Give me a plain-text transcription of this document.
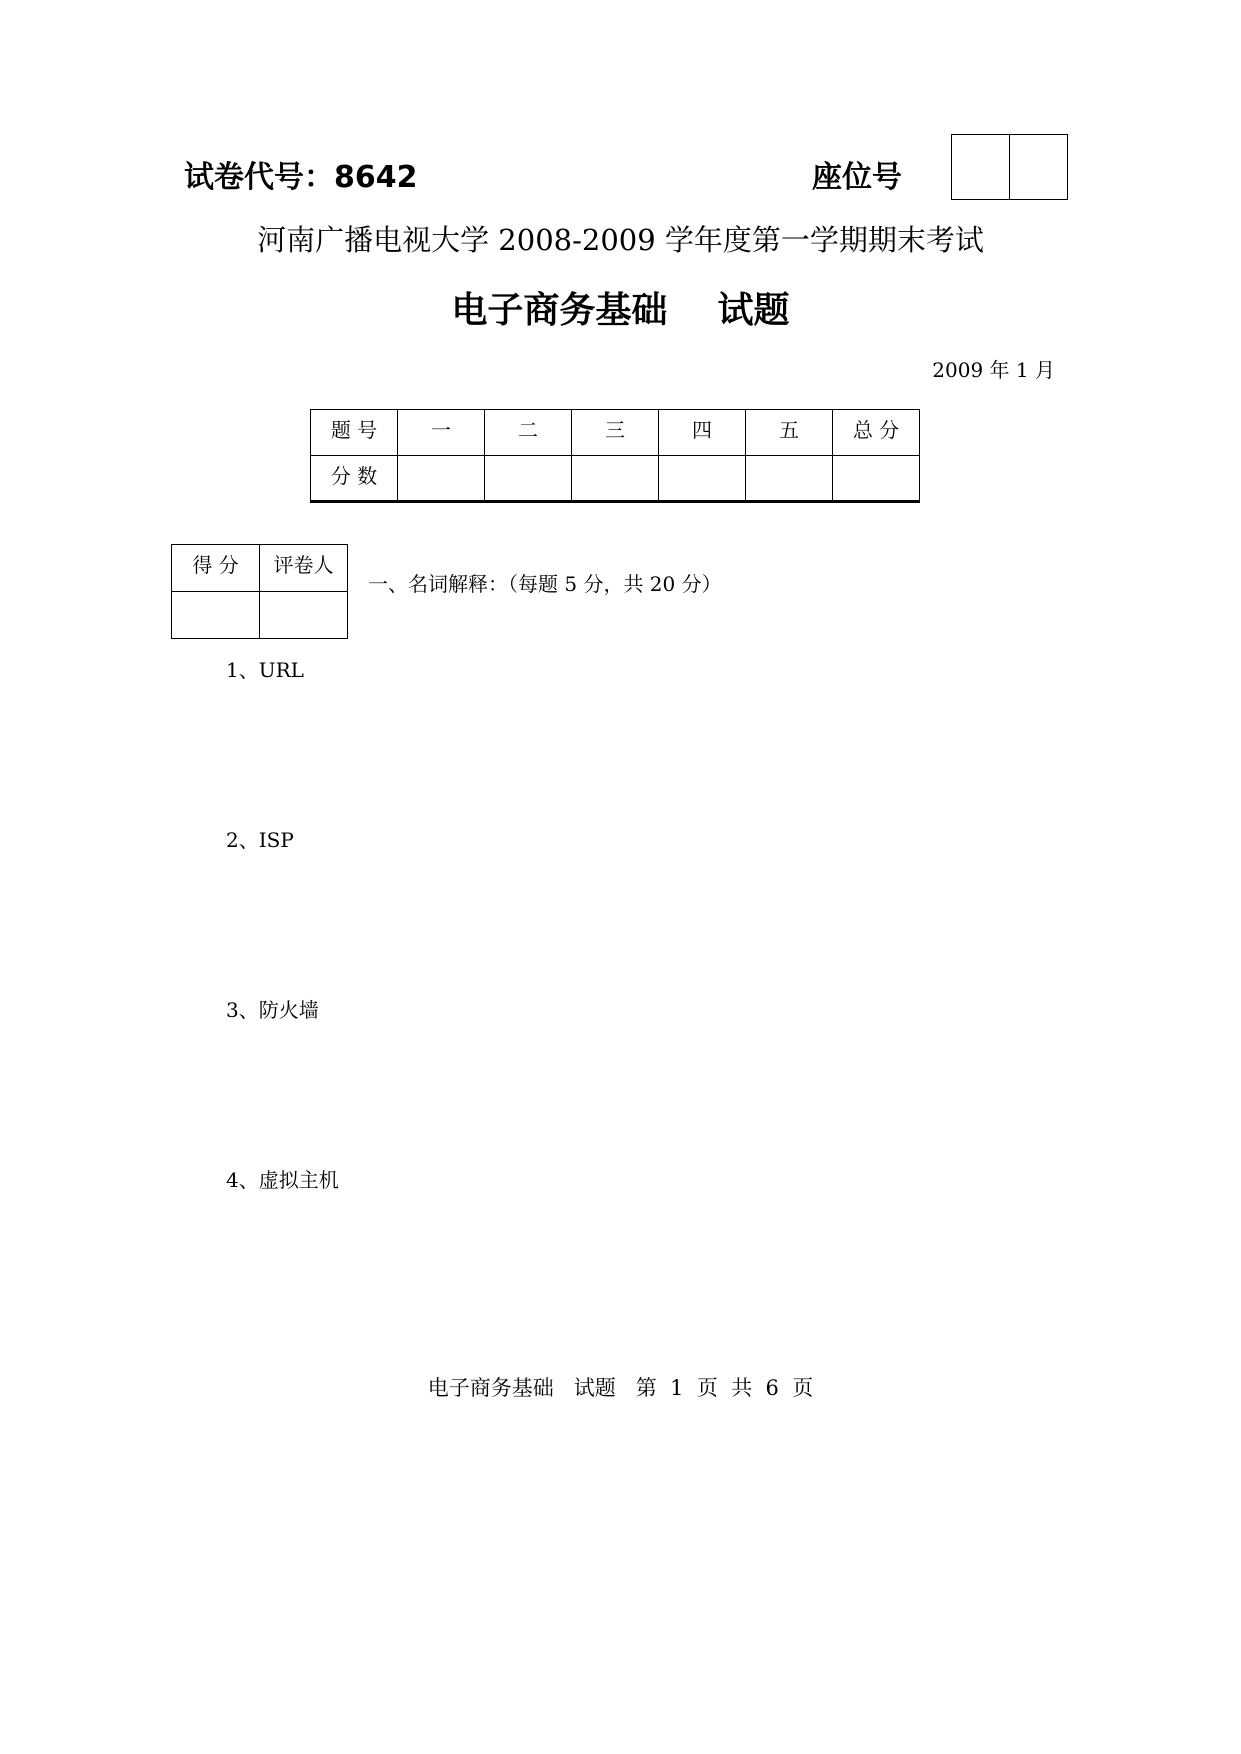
试卷代号：8642	座位号
河南广播电视大学 2008-2009 学年度第一学期期末考试
电子商务基础    试题
2009 年 1 月
题 号	一	二	三	四	五	总 分
分 数						
得 分	评卷人

一、名词解释：（每题 5 分，共 20 分）
1、URL
2、ISP
3、防火墙
4、虚拟主机
电子商务基础   试题   第  1  页  共  6  页
